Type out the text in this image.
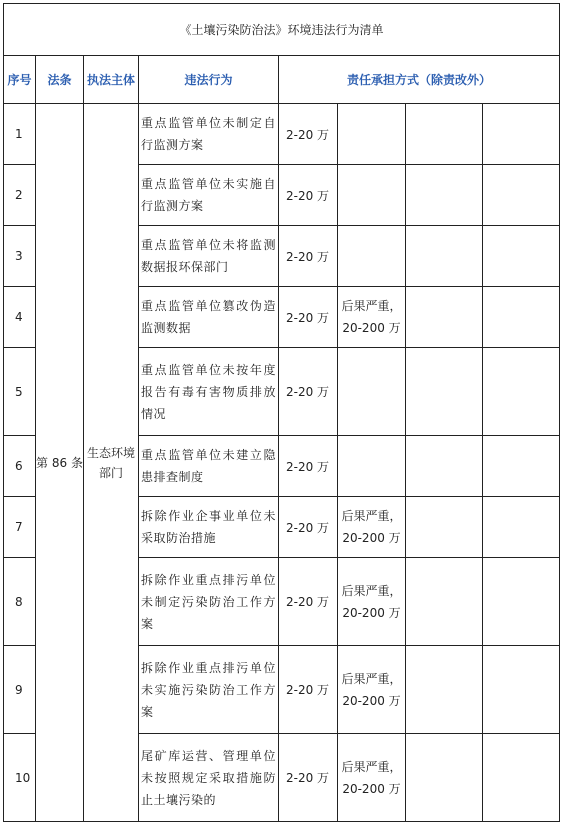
《土壤污染防治法》环境违法行为清单							
序号	法条	执法主体	违法行为	责任承担方式（除责改外）			
1	第 86 条	生态环境部门	重点监管单位未制定自行监测方案	2-20 万			
2			重点监管单位未实施自行监测方案	2-20 万			
3			重点监管单位未将监测数据报环保部门	2-20 万			
4			重点监管单位篡改伪造监测数据	2-20 万	后果严重，20-200 万		
5			重点监管单位未按年度报告有毒有害物质排放情况	2-20 万			
6			重点监管单位未建立隐患排查制度	2-20 万			
7			拆除作业企事业单位未采取防治措施	2-20 万	后果严重，20-200 万		
8			拆除作业重点排污单位未制定污染防治工作方案	2-20 万	后果严重，20-200 万		
9			拆除作业重点排污单位未实施污染防治工作方案	2-20 万	后果严重，20-200 万		
10			尾矿库运营、管理单位未按照规定采取措施防止土壤污染的	2-20 万	后果严重，20-200 万		
